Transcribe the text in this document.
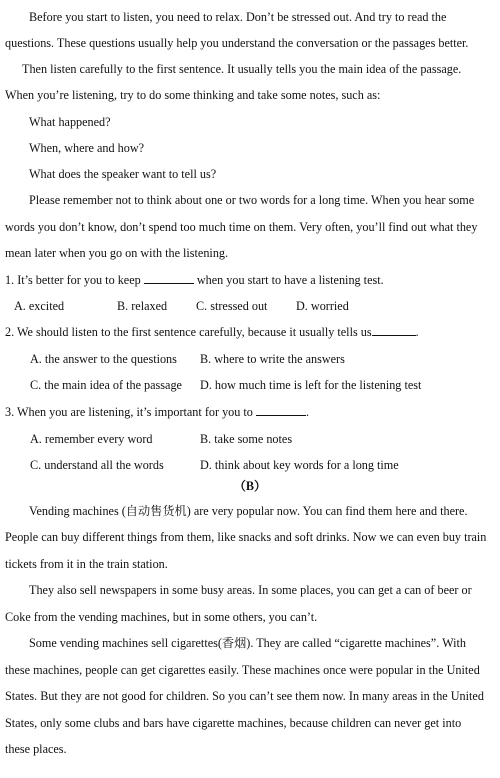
Before you start to listen, you need to relax. Don’t be stressed out. And try to read the
questions. These questions usually help you understand the conversation or the passages better.
Then listen carefully to the first sentence. It usually tells you the main idea of the passage.
When you’re listening, try to do some thinking and take some notes, such as:
What happened?
When, where and how?
What does the speaker want to tell us?
Please remember not to think about one or two words for a long time. When you hear some
words you don’t know, don’t spend too much time on them. Very often, you’ll find out what they
mean later when you go on with the listening.
1. It’s better for you to keep	when you start to have a listening test.
A. excited	B. relaxed C. stressed out D. worried
2. We should listen to the first sentence carefully, because it usually tells us	.
A. the answer to the questions B. where to write the answers
C. the main idea of the passage D. how much time is left for the listening test
3. When you are listening, it’s important for you to	.
A. remember every word	B. take some notes
C. understand all the words	D. think about key words for a long time
（B）
Vending machines (自动售货机) are very popular now. You can find them here and there.
People can buy different things from them, like snacks and soft drinks. Now we can even buy train
tickets from it in the train station.
They also sell newspapers in some busy areas. In some places, you can get a can of beer or
Coke from the vending machines, but in some others, you can’t.
Some vending machines sell cigarettes(香烟). They are called “cigarette machines”. With
these machines, people can get cigarettes easily. These machines once were popular in the United
States. But they are not good for children. So you can’t see them now. In many areas in the United
States, only some clubs and bars have cigarette machines, because children can never get into
these places.
